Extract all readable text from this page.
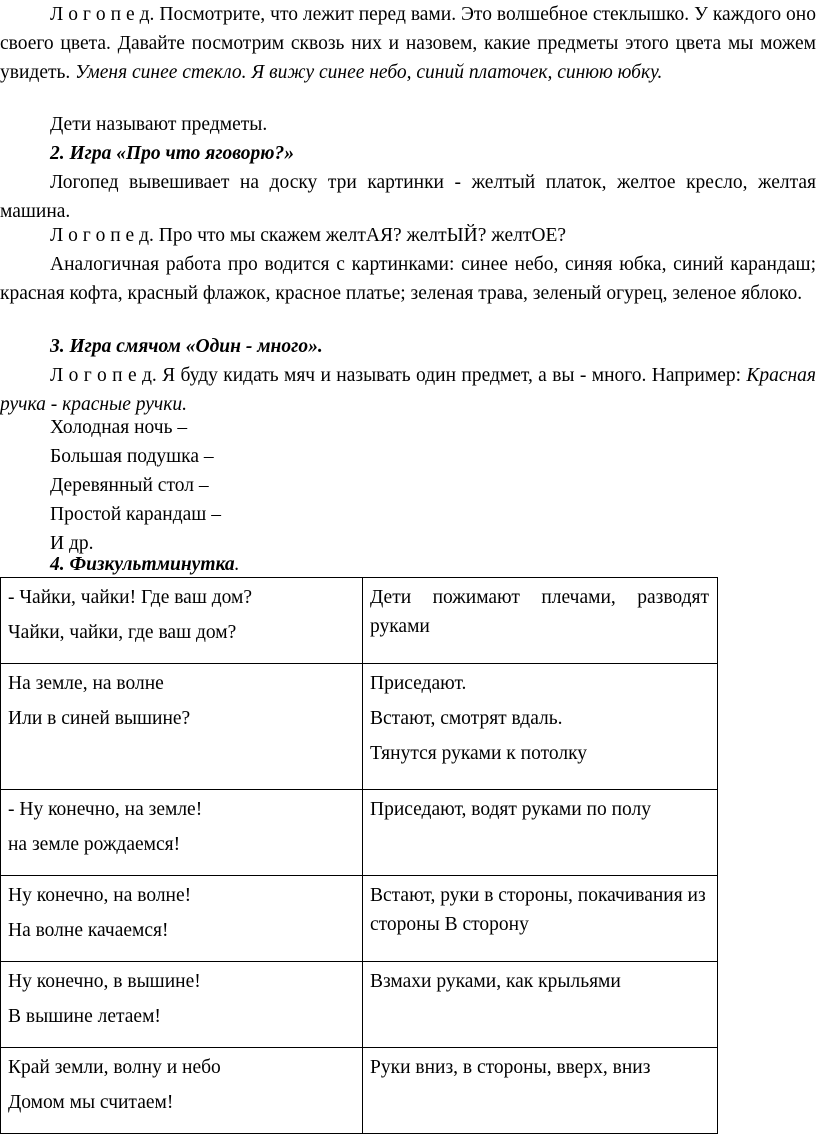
Л о г о п е д. Посмотрите, что лежит перед вами. Это волшебное стеклышко. У каждого оно своего цвета. Давайте посмотрим сквозь них и назовем, какие предметы этого цвета мы можем увидеть. Уменя синее стекло. Я вижу синее небо, синий платочек, синюю юбку.
Дети называют предметы.
2. Игра «Про что яговорю?»
Логопед вывешивает на доску три картинки - желтый платок, желтое кресло, желтая машина.
Л о г о п е д. Про что мы скажем желтАЯ? желтЫЙ? желтОЕ?
Аналогичная работа про водится с картинками: синее небо, синяя юбка, синий карандаш; красная кофта, красный флажок, красное платье; зеленая трава, зеленый огурец, зеленое яблоко.
3. Игра смячом «Один - много».
Л о г о п е д. Я буду кидать мяч и называть один предмет, а вы - много. Например: Красная ручка - красные ручки.
Холодная ночь –
Большая подушка –
Деревянный стол –
Простой карандаш –
И др.
4. Физкультминутка.
- Чайки, чайки! Где ваш дом?
Чайки, чайки, где ваш дом?	Дети пожимают плечами, разводят руками

На земле, на волне
Или в синей вышине?	Приседают.
Встают, смотрят вдаль.
Тянутся руками к потолку

- Ну конечно, на земле!
на земле рождаемся!	Приседают, водят руками по полу

Ну конечно, на волне!
На волне качаемся!	Встают, руки в стороны, покачивания из стороны В сторону

Ну конечно, в вышине!
В вышине летаем!	Взмахи руками, как крыльями

Край земли, волну и небо
Домом мы считаем!	Руки вниз, в стороны, вверх, вниз
